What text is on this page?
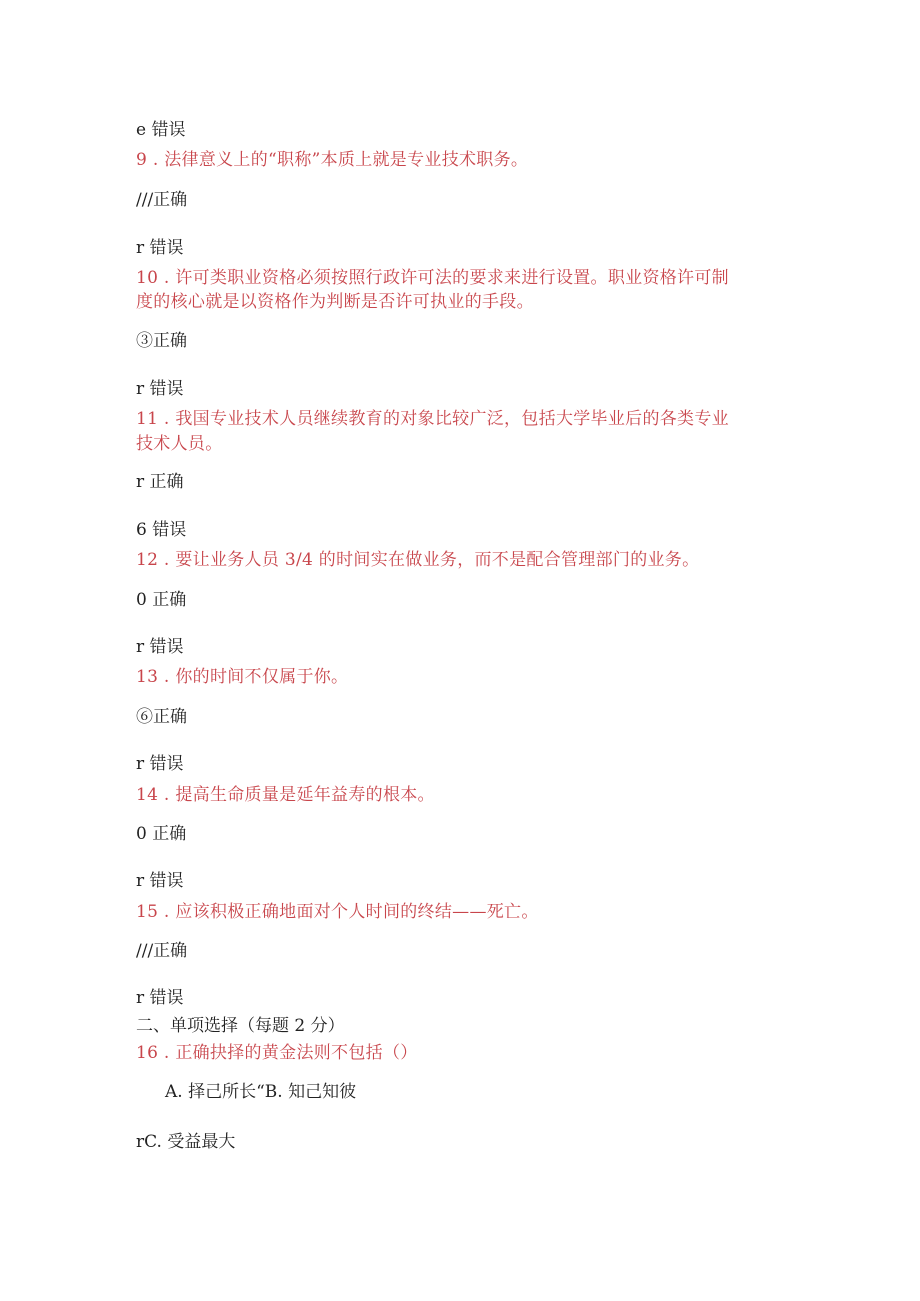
e 错误
9 . 法律意义上的“职称”本质上就是专业技术职务。
∕∕∕正确
r 错误
10 . 许可类职业资格必须按照行政许可法的要求来进行设置。职业资格许可制
度的核心就是以资格作为判断是否许可执业的手段。
③正确
r 错误
11 . 我国专业技术人员继续教育的对象比较广泛，包括大学毕业后的各类专业
技术人员。
r 正确
6 错误
12 . 要让业务人员 3/4 的时间实在做业务，而不是配合管理部门的业务。
0 正确
r 错误
13 . 你的时间不仅属于你。
⑥正确
r 错误
14 . 提高生命质量是延年益寿的根本。
0 正确
r 错误
15 . 应该积极正确地面对个人时间的终结——死亡。
∕∕∕正确
r 错误
二、单项选择（每题 2 分）
16 . 正确抉择的黄金法则不包括（）
A. 择己所长“B. 知己知彼
rC. 受益最大
